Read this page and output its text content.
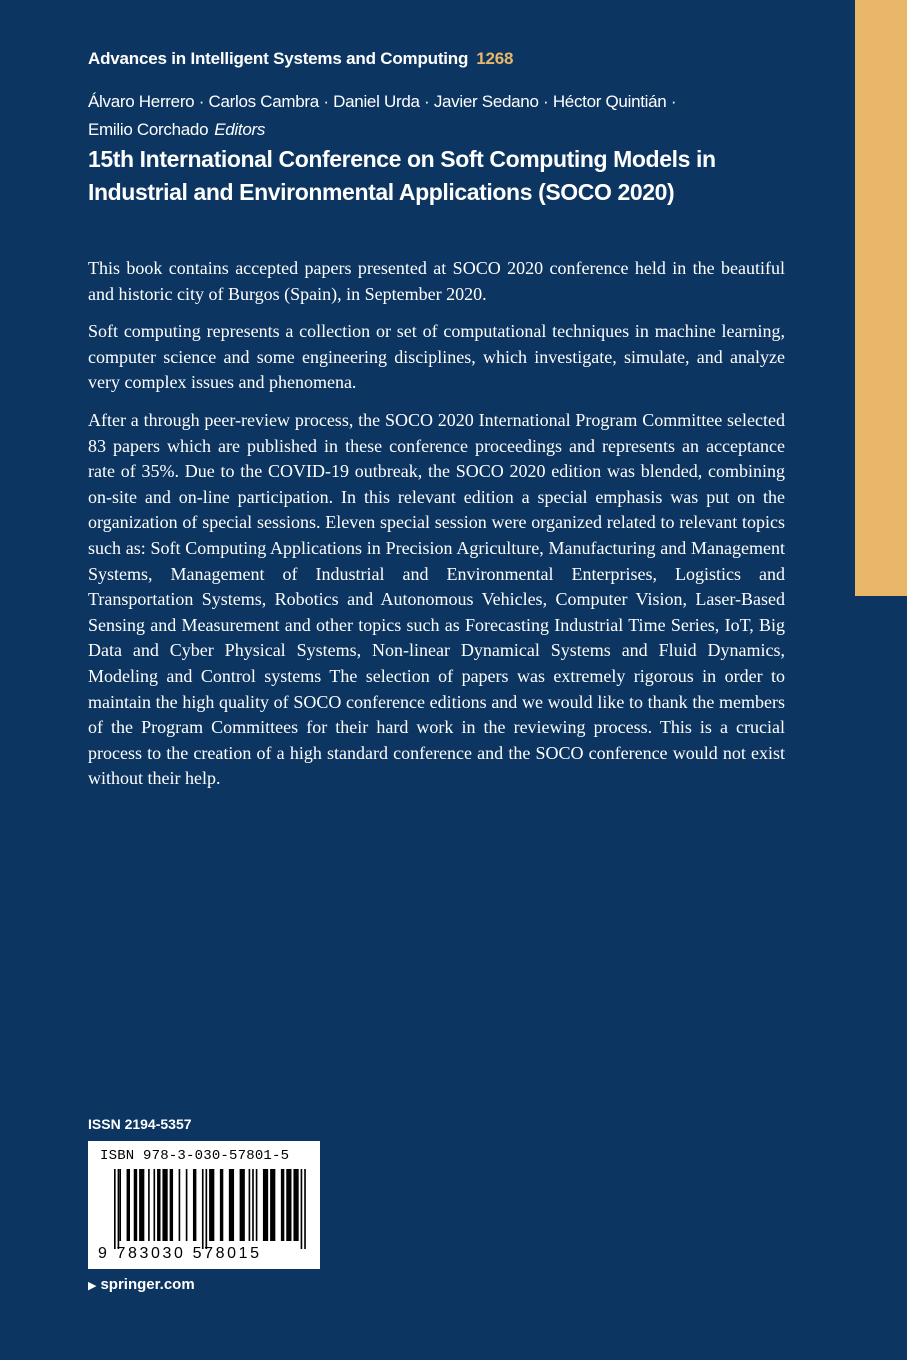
Advances in Intelligent Systems and Computing 1268
Álvaro Herrero · Carlos Cambra · Daniel Urda · Javier Sedano · Héctor Quintián ·
Emilio Corchado Editors
15th International Conference on Soft Computing Models in
Industrial and Environmental Applications (SOCO 2020)

This book contains accepted papers presented at SOCO 2020 conference held in the beautiful and historic city of Burgos (Spain), in September 2020.

Soft computing represents a collection or set of computational techniques in machine learning, computer science and some engineering disciplines, which investigate, simulate, and analyze very complex issues and phenomena.

After a through peer-review process, the SOCO 2020 International Program Committee selected 83 papers which are published in these conference proceedings and represents an acceptance rate of 35%. Due to the COVID-19 outbreak, the SOCO 2020 edition was blended, combining on-site and on-line participation. In this relevant edition a special emphasis was put on the organization of special sessions. Eleven special session were organized related to relevant topics such as: Soft Computing Applications in Precision Agriculture, Manufacturing and Management Systems, Management of Industrial and Environmental Enterprises, Logistics and Transportation Systems, Robotics and Autonomous Vehicles, Computer Vision, Laser-Based Sensing and Measurement and other topics such as Forecasting Industrial Time Series, IoT, Big Data and Cyber Physical Systems, Non-linear Dynamical Systems and Fluid Dynamics, Modeling and Control systems The selection of papers was extremely rigorous in order to maintain the high quality of SOCO conference editions and we would like to thank the members of the Program Committees for their hard work in the reviewing process. This is a crucial process to the creation of a high standard conference and the SOCO conference would not exist without their help.

ISSN 2194-5357
ISBN 978-3-030-57801-5
9 783030 578015
▶ springer.com
